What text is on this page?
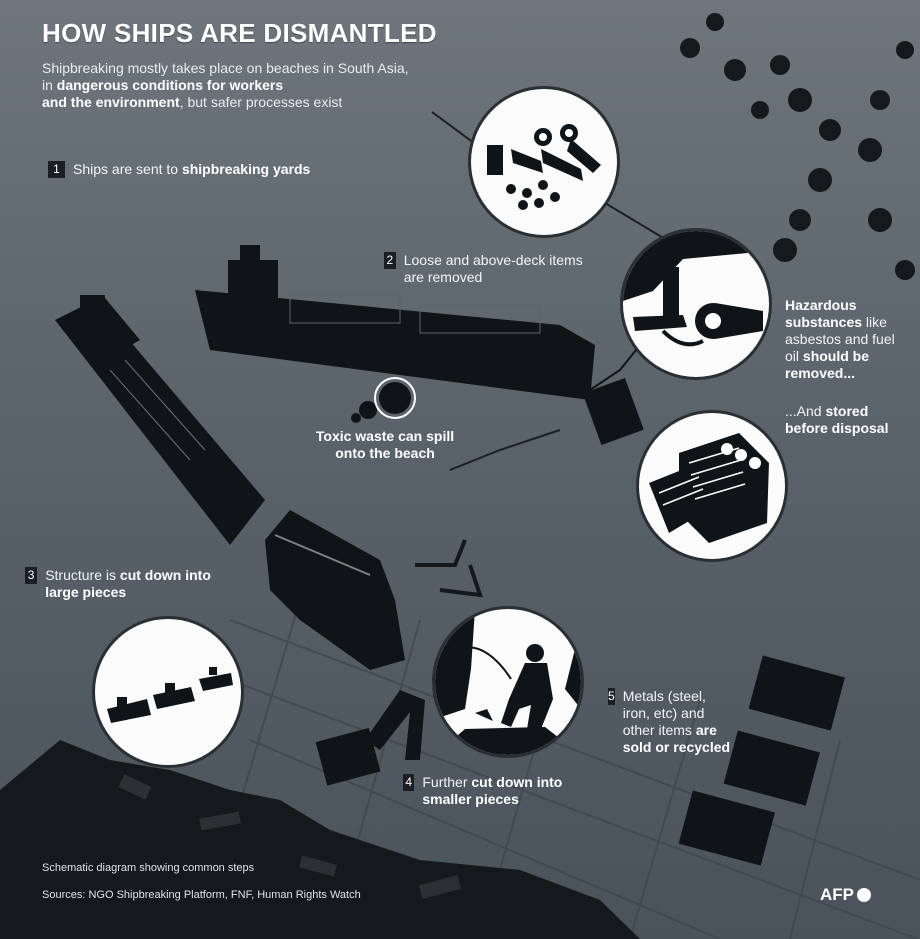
HOW SHIPS ARE DISMANTLED
Shipbreaking mostly takes place on beaches in South Asia,
in dangerous conditions for workers
and the environment, but safer processes exist
1 Ships are sent to shipbreaking yards
2 Loose and above-deck items are removed
3 Structure is cut down into large pieces
4 Further cut down into smaller pieces
5 Metals (steel, iron, etc) and other items are sold or recycled
Hazardous substances like asbestos and fuel oil should be removed...
...And stored before disposal
Toxic waste can spill onto the beach
Schematic diagram showing common steps
Sources: NGO Shipbreaking Platform, FNF, Human Rights Watch	AFP
